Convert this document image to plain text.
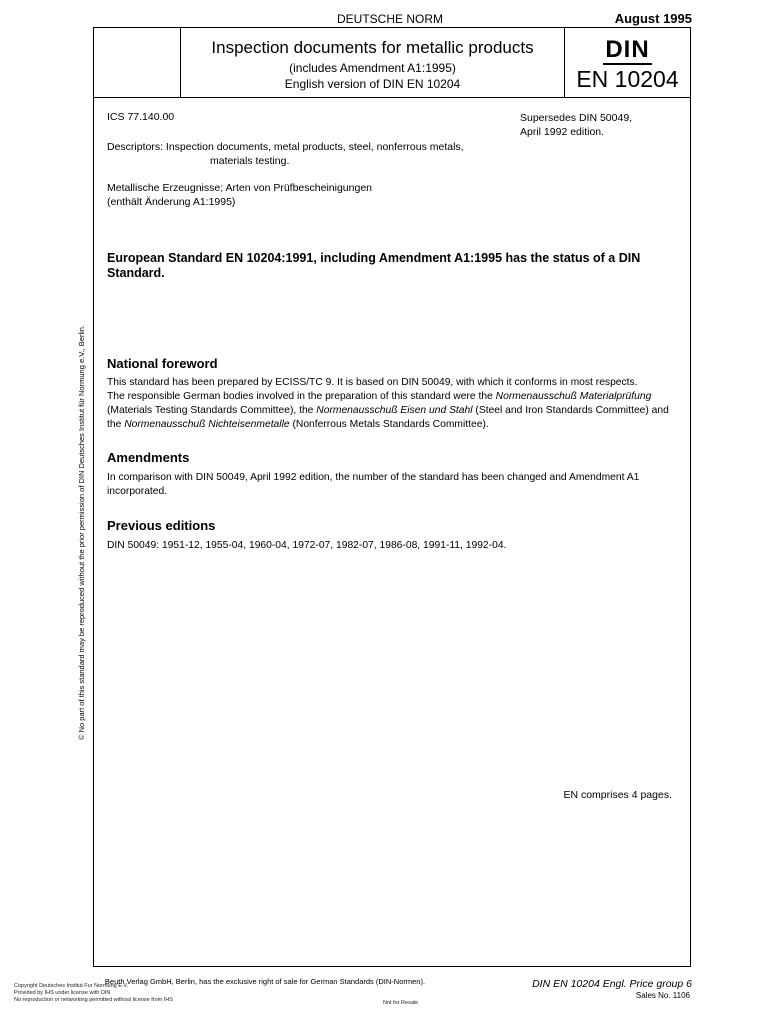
DEUTSCHE NORM	August 1995
Inspection documents for metallic products
(includes Amendment A1:1995)
English version of DIN EN 10204
DIN
EN 10204
ICS 77.140.00	Supersedes DIN 50049,
April 1992 edition.
Descriptors: Inspection documents, metal products, steel, nonferrous metals,
materials testing.
Metallische Erzeugnisse; Arten von Prüfbescheinigungen
(enthält Änderung A1:1995)
European Standard EN 10204:1991, including Amendment A1:1995 has the status of a DIN Standard.
National foreword
This standard has been prepared by ECISS/TC 9. It is based on DIN 50049, with which it conforms in most respects.
The responsible German bodies involved in the preparation of this standard were the Normenausschuß Materialprüfung (Materials Testing Standards Committee), the Normenausschuß Eisen und Stahl (Steel and Iron Standards Committee) and the Normenausschuß Nichteisenmetalle (Nonferrous Metals Standards Committee).
Amendments
In comparison with DIN 50049, April 1992 edition, the number of the standard has been changed and Amendment A1 incorporated.
Previous editions
DIN 50049: 1951-12, 1955-04, 1960-04, 1972-07, 1982-07, 1986-08, 1991-11, 1992-04.
EN comprises 4 pages.
© No part of this standard may be reproduced without the prior permission of DIN Deutsches Institut für Normung e.V., Berlin.
· · · · · · · · · ·
Beuth Verlag GmbH, Berlin, has the exclusive right of sale for German Standards (DIN-Normen).	DIN EN 10204 Engl. Price group 6
Sales No. 1106
Copyright Deutsches Institut Fur Normung E.V.
Provided by IHS under license with DIN
No reproduction or networking permitted without license from IHS	Not for Resale
